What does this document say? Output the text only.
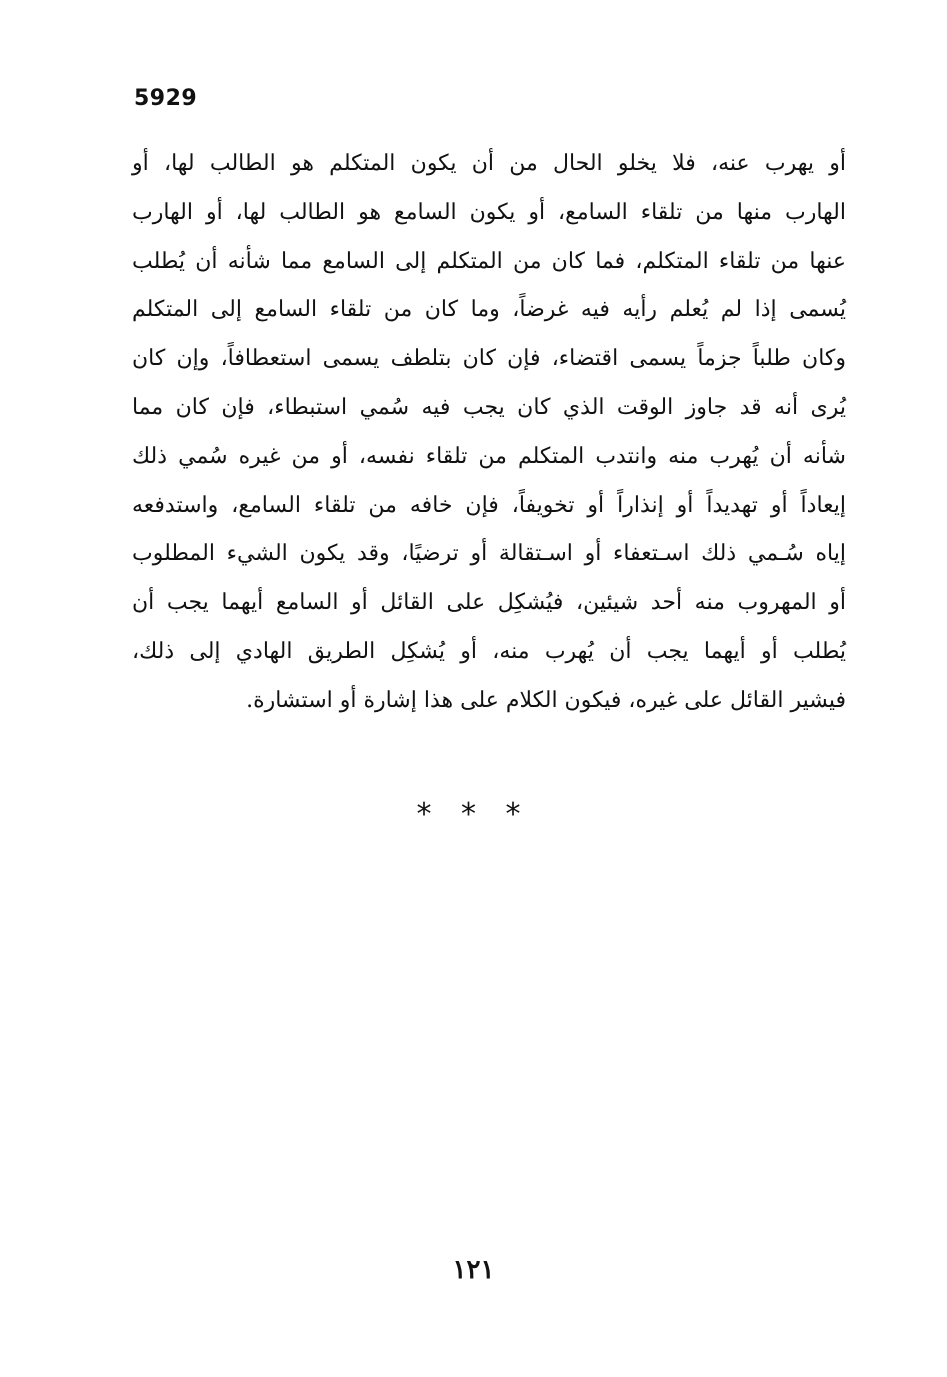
5929
أو يهرب عنه، فلا يخلو الحال من أن يكون المتكلم هو الطالب لها، أو
الهارب منها من تلقاء السامع، أو يكون السامع هو الطالب لها، أو الهارب
عنها من تلقاء المتكلم، فما كان من المتكلم إلى السامع مما شأنه أن يُطلب
يُسمى إذا لم يُعلم رأيه فيه غرضاً، وما كان من تلقاء السامع إلى المتكلم
وكان طلباً جزماً يسمى اقتضاء، فإن كان بتلطف يسمى استعطافاً، وإن كان
يُرى أنه قد جاوز الوقت الذي كان يجب فيه سُمي استبطاء، فإن كان مما
شأنه أن يُهرب منه وانتدب المتكلم من تلقاء نفسه، أو من غيره سُمي ذلك
إيعاداً أو تهديداً أو إنذاراً أو تخويفاً، فإن خافه من تلقاء السامع، واستدفعه
إياه سُـمي ذلك اسـتعفاء أو اسـتقالة أو ترضيًا، وقد يكون الشيء المطلوب
أو المهروب منه أحد شيئين، فيُشكِل على القائل أو السامع أيهما يجب أن
يُطلب أو أيهما يجب أن يُهرب منه، أو يُشكِل الطريق الهادي إلى ذلك،
فيشير القائل على غيره، فيكون الكلام على هذا إشارة أو استشارة.
* * *
١٢١
